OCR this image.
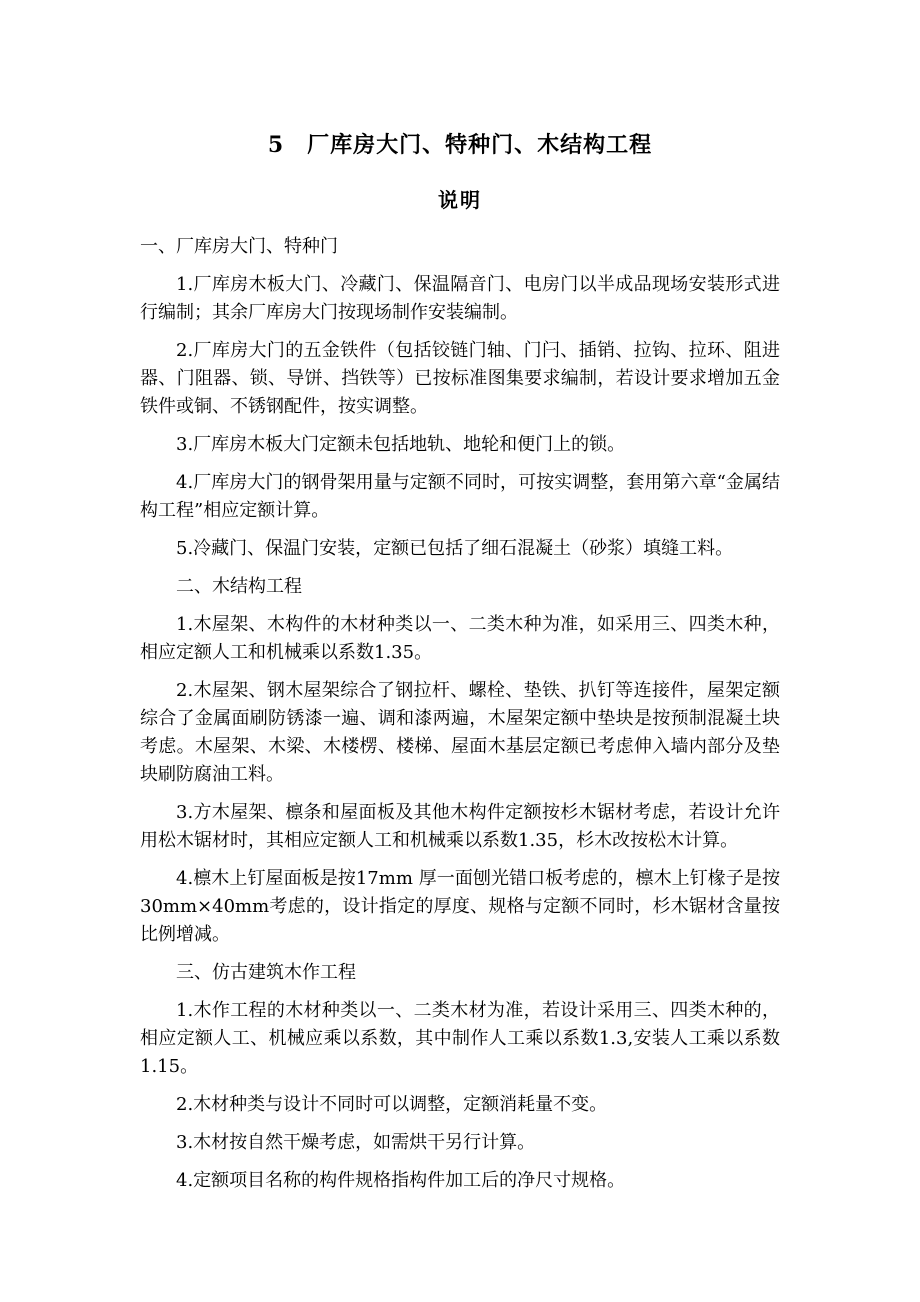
5　厂库房大门、特种门、木结构工程
说明

一、厂库房大门、特种门

1.厂库房木板大门、冷藏门、保温隔音门、电房门以半成品现场安装形式进行编制；其余厂库房大门按现场制作安装编制。

2.厂库房大门的五金铁件（包括铰链门轴、门闩、插销、拉钩、拉环、阻进器、门阻器、锁、导饼、挡铁等）已按标准图集要求编制，若设计要求增加五金铁件或铜、不锈钢配件，按实调整。

3.厂库房木板大门定额未包括地轨、地轮和便门上的锁。

4.厂库房大门的钢骨架用量与定额不同时，可按实调整，套用第六章“金属结构工程”相应定额计算。

5.冷藏门、保温门安装，定额已包括了细石混凝土（砂浆）填缝工料。

二、木结构工程

1.木屋架、木构件的木材种类以一、二类木种为准，如采用三、四类木种，相应定额人工和机械乘以系数1.35。

2.木屋架、钢木屋架综合了钢拉杆、螺栓、垫铁、扒钉等连接件，屋架定额综合了金属面刷防锈漆一遍、调和漆两遍，木屋架定额中垫块是按预制混凝土块考虑。木屋架、木梁、木楼楞、楼梯、屋面木基层定额已考虑伸入墙内部分及垫块刷防腐油工料。

3.方木屋架、檩条和屋面板及其他木构件定额按杉木锯材考虑，若设计允许用松木锯材时，其相应定额人工和机械乘以系数1.35，杉木改按松木计算。

4.檩木上钉屋面板是按17mm 厚一面刨光错口板考虑的，檩木上钉椽子是按30mm×40mm考虑的，设计指定的厚度、规格与定额不同时，杉木锯材含量按比例增减。

三、仿古建筑木作工程

1.木作工程的木材种类以一、二类木材为准，若设计采用三、四类木种的，相应定额人工、机械应乘以系数，其中制作人工乘以系数1.3,安装人工乘以系数1.15。

2.木材种类与设计不同时可以调整，定额消耗量不变。

3.木材按自然干燥考虑，如需烘干另行计算。

4.定额项目名称的构件规格指构件加工后的净尺寸规格。
